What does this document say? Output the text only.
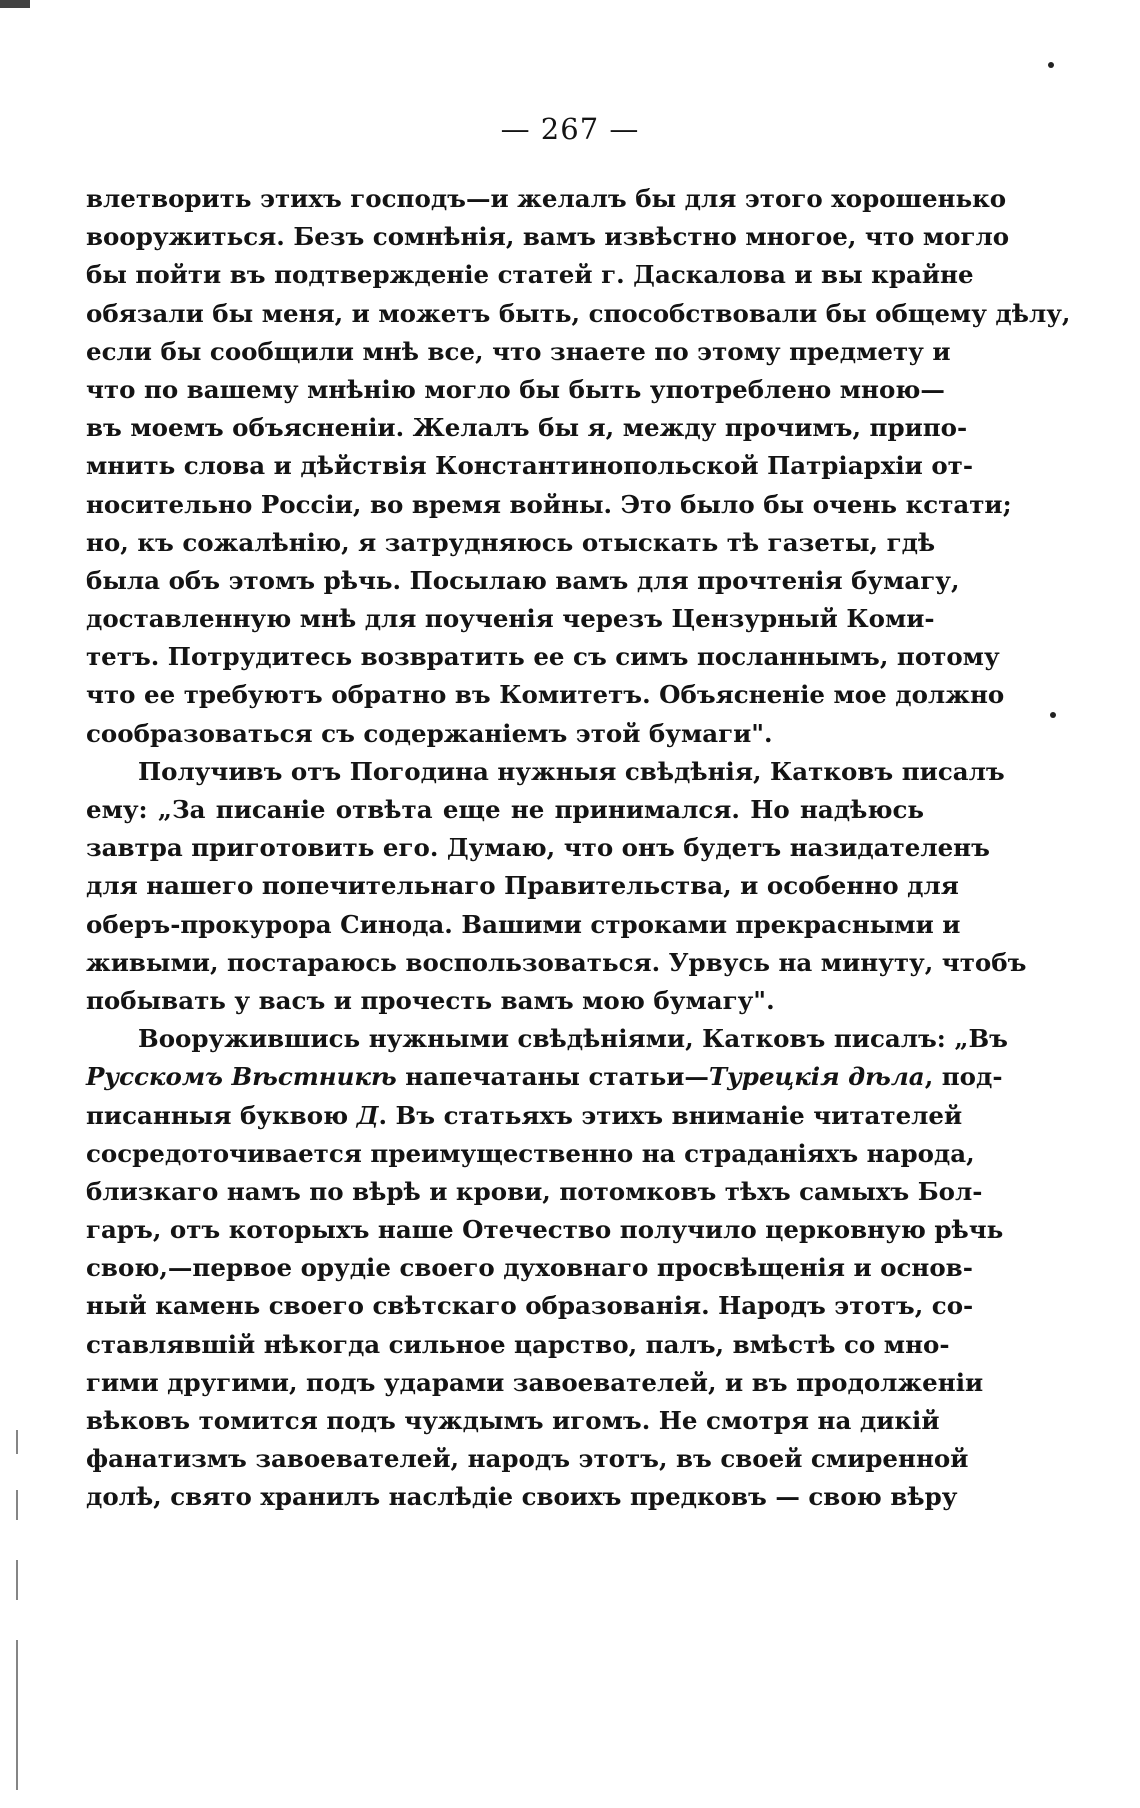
— 267 —
влетворить этихъ господъ—и желалъ бы для этого хорошенько
вооружиться. Безъ сомнѣнія, вамъ извѣстно многое, что могло
бы пойти въ подтвержденіе статей г. Даскалова и вы крайне
обязали бы меня, и можетъ быть, способствовали бы общему дѣлу,
если бы сообщили мнѣ все, что знаете по этому предмету и
что по вашему мнѣнію могло бы быть употреблено мною—
въ моемъ объясненіи. Желалъ бы я, между прочимъ, припо-
мнить слова и дѣйствія Константинопольской Патріархіи от-
носительно Россіи, во время войны. Это было бы очень кстати;
но, къ сожалѣнію, я затрудняюсь отыскать тѣ газеты, гдѣ
была объ этомъ рѣчь. Посылаю вамъ для прочтенія бумагу,
доставленную мнѣ для поученія черезъ Цензурный Коми-
тетъ. Потрудитесь возвратить ее съ симъ посланнымъ, потому
что ее требуютъ обратно въ Комитетъ. Объясненіе мое должно
сообразоваться съ содержаніемъ этой бумаги".
Получивъ отъ Погодина нужныя свѣдѣнія, Катковъ писалъ
ему: „За писаніе отвѣта еще не принимался. Но надѣюсь
завтра приготовить его. Думаю, что онъ будетъ назидателенъ
для нашего попечительнаго Правительства, и особенно для
оберъ-прокурора Синода. Вашими строками прекрасными и
живыми, постараюсь воспользоваться. Урвусь на минуту, чтобъ
побывать у васъ и прочесть вамъ мою бумагу".
Вооружившись нужными свѣдѣніями, Катковъ писалъ: „Въ
Русскомъ Вѣстникѣ напечатаны статьи—Турецкія дѣла, под-
писанныя буквою Д. Въ статьяхъ этихъ вниманіе читателей
сосредоточивается преимущественно на страданіяхъ народа,
близкаго намъ по вѣрѣ и крови, потомковъ тѣхъ самыхъ Бол-
гаръ, отъ которыхъ наше Отечество получило церковную рѣчь
свою,—первое орудіе своего духовнаго просвѣщенія и основ-
ный камень своего свѣтскаго образованія. Народъ этотъ, со-
ставлявшій нѣкогда сильное царство, палъ, вмѣстѣ со мно-
гими другими, подъ ударами завоевателей, и въ продолженіи
вѣковъ томится подъ чуждымъ игомъ. Не смотря на дикій
фанатизмъ завоевателей, народъ этотъ, въ своей смиренной
долѣ, свято хранилъ наслѣдіе своихъ предковъ — свою вѣру
